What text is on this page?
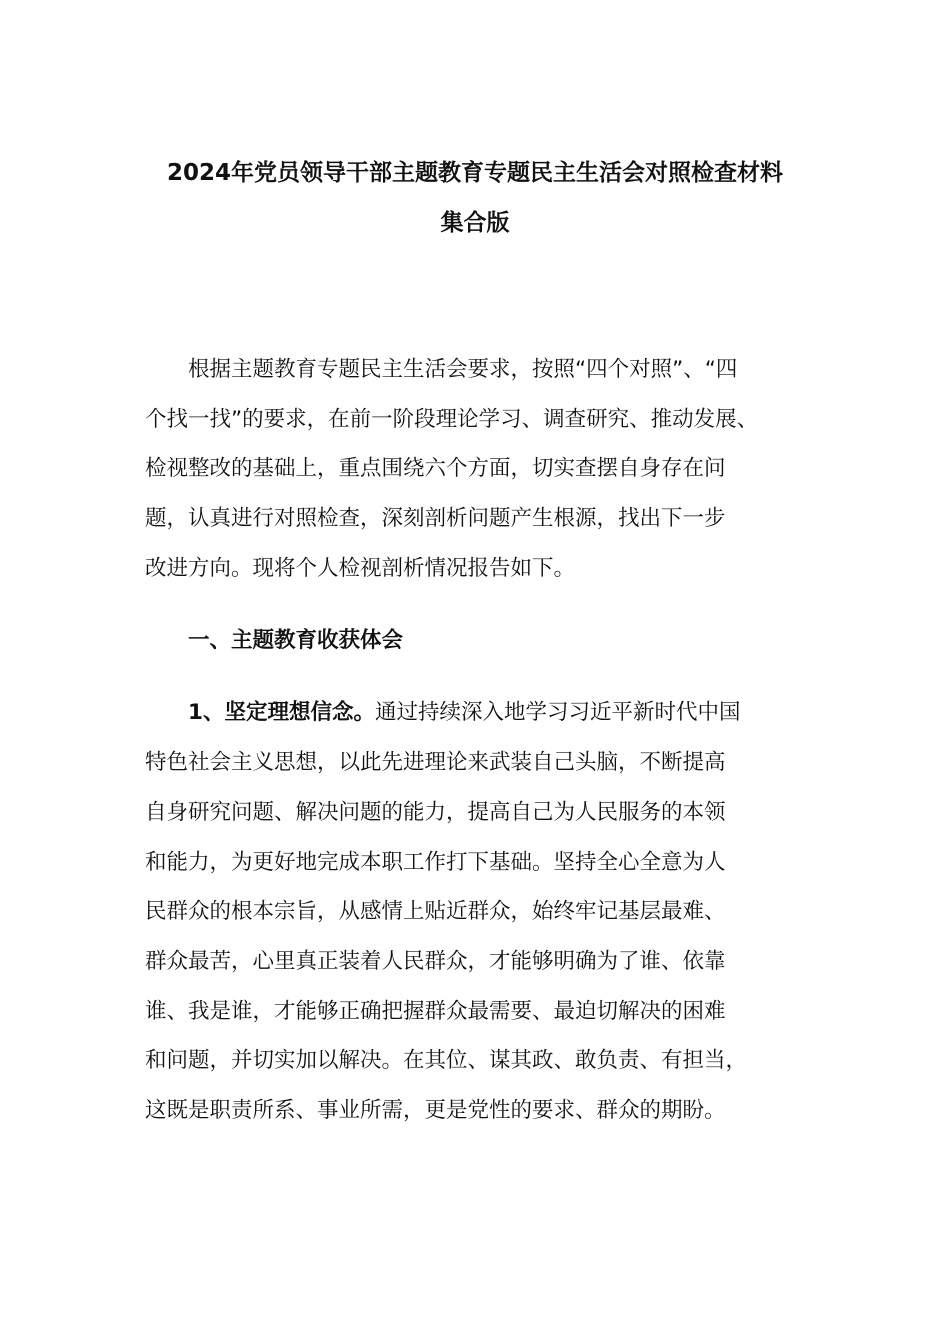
2024年党员领导干部主题教育专题民主生活会对照检查材料
集合版
根据主题教育专题民主生活会要求，按照“四个对照”、“四
个找一找”的要求，在前一阶段理论学习、调查研究、推动发展、
检视整改的基础上，重点围绕六个方面，切实查摆自身存在问
题，认真进行对照检查，深刻剖析问题产生根源，找出下一步
改进方向。现将个人检视剖析情况报告如下。
一、主题教育收获体会
1、坚定理想信念。通过持续深入地学习习近平新时代中国
特色社会主义思想，以此先进理论来武装自己头脑，不断提高
自身研究问题、解决问题的能力，提高自己为人民服务的本领
和能力，为更好地完成本职工作打下基础。坚持全心全意为人
民群众的根本宗旨，从感情上贴近群众，始终牢记基层最难、
群众最苦，心里真正装着人民群众，才能够明确为了谁、依靠
谁、我是谁，才能够正确把握群众最需要、最迫切解决的困难
和问题，并切实加以解决。在其位、谋其政、敢负责、有担当，
这既是职责所系、事业所需，更是党性的要求、群众的期盼。
